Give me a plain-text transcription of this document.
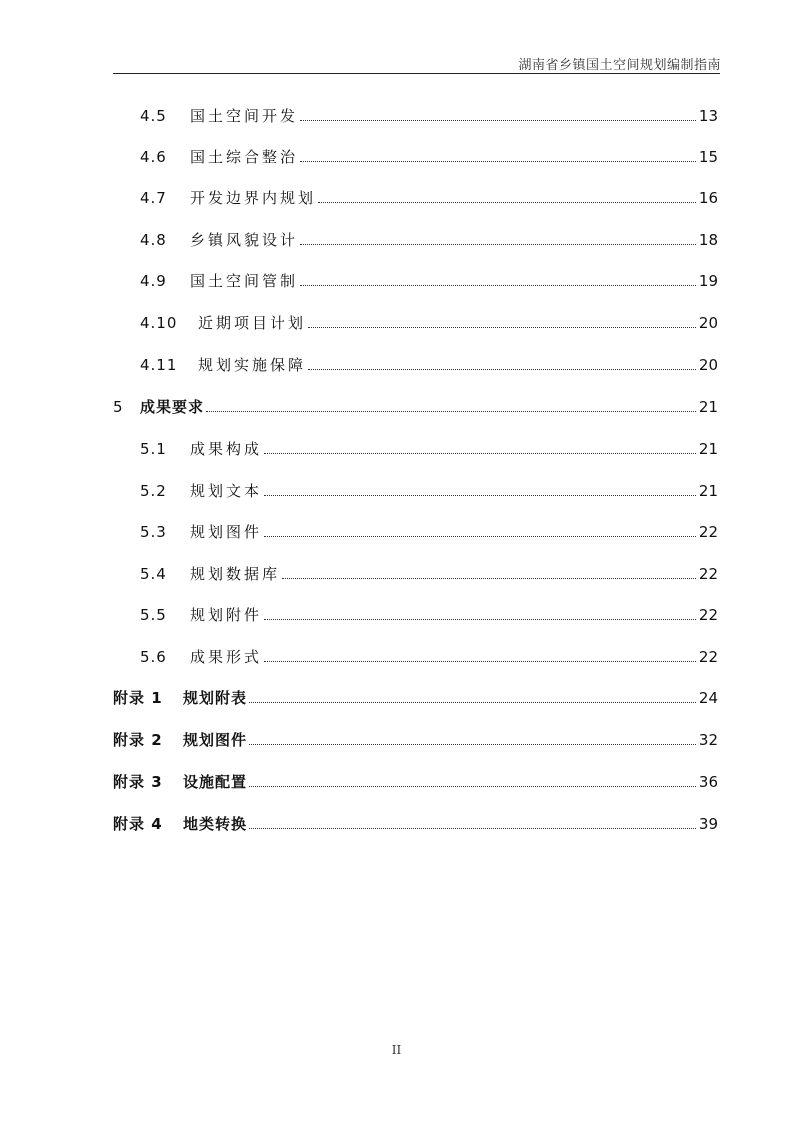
湖南省乡镇国土空间规划编制指南
4.5	国土空间开发	13
4.6	国土综合整治	15
4.7	开发边界内规划	16
4.8	乡镇风貌设计	18
4.9	国土空间管制	19
4.10	近期项目计划	20
4.11	规划实施保障	20
5	成果要求	21
5.1	成果构成	21
5.2	规划文本	21
5.3	规划图件	22
5.4	规划数据库	22
5.5	规划附件	22
5.6	成果形式	22
附录 1	规划附表	24
附录 2	规划图件	32
附录 3	设施配置	36
附录 4	地类转换	39
II
